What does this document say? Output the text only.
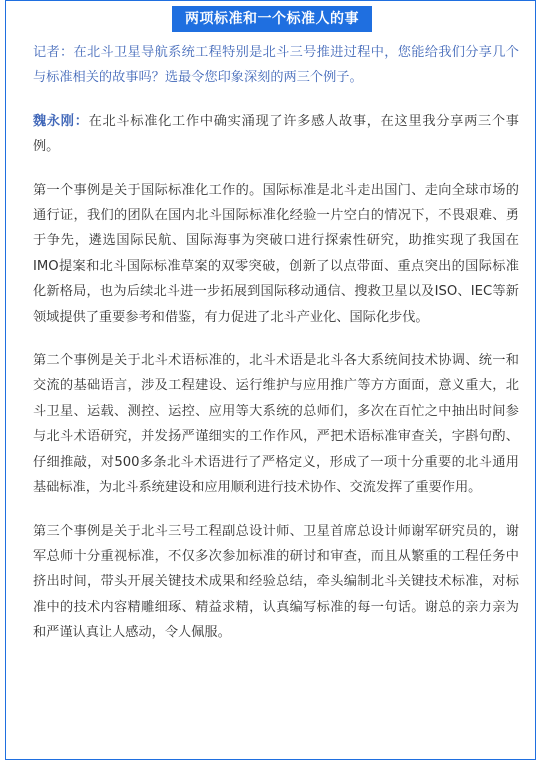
两项标准和一个标准人的事

记者：在北斗卫星导航系统工程特别是北斗三号推进过程中，您能给我们分享几个与标准相关的故事吗？选最令您印象深刻的两三个例子。

魏永刚：在北斗标准化工作中确实涌现了许多感人故事，在这里我分享两三个事例。

第一个事例是关于国际标准化工作的。国际标准是北斗走出国门、走向全球市场的通行证，我们的团队在国内北斗国际标准化经验一片空白的情况下，不畏艰难、勇于争先，遴选国际民航、国际海事为突破口进行探索性研究，助推实现了我国在IMO提案和北斗国际标准草案的双零突破，创新了以点带面、重点突出的国际标准化新格局，也为后续北斗进一步拓展到国际移动通信、搜救卫星以及ISO、IEC等新领域提供了重要参考和借鉴，有力促进了北斗产业化、国际化步伐。

第二个事例是关于北斗术语标准的，北斗术语是北斗各大系统间技术协调、统一和交流的基础语言，涉及工程建设、运行维护与应用推广等方方面面，意义重大，北斗卫星、运载、测控、运控、应用等大系统的总师们，多次在百忙之中抽出时间参与北斗术语研究，并发扬严谨细实的工作作风，严把术语标准审查关，字斟句酌、仔细推敲，对500多条北斗术语进行了严格定义，形成了一项十分重要的北斗通用基础标准，为北斗系统建设和应用顺利进行技术协作、交流发挥了重要作用。

第三个事例是关于北斗三号工程副总设计师、卫星首席总设计师谢军研究员的，谢军总师十分重视标准，不仅多次参加标准的研讨和审查，而且从繁重的工程任务中挤出时间，带头开展关键技术成果和经验总结，牵头编制北斗关键技术标准，对标准中的技术内容精雕细琢、精益求精，认真编写标准的每一句话。谢总的亲力亲为和严谨认真让人感动，令人佩服。
